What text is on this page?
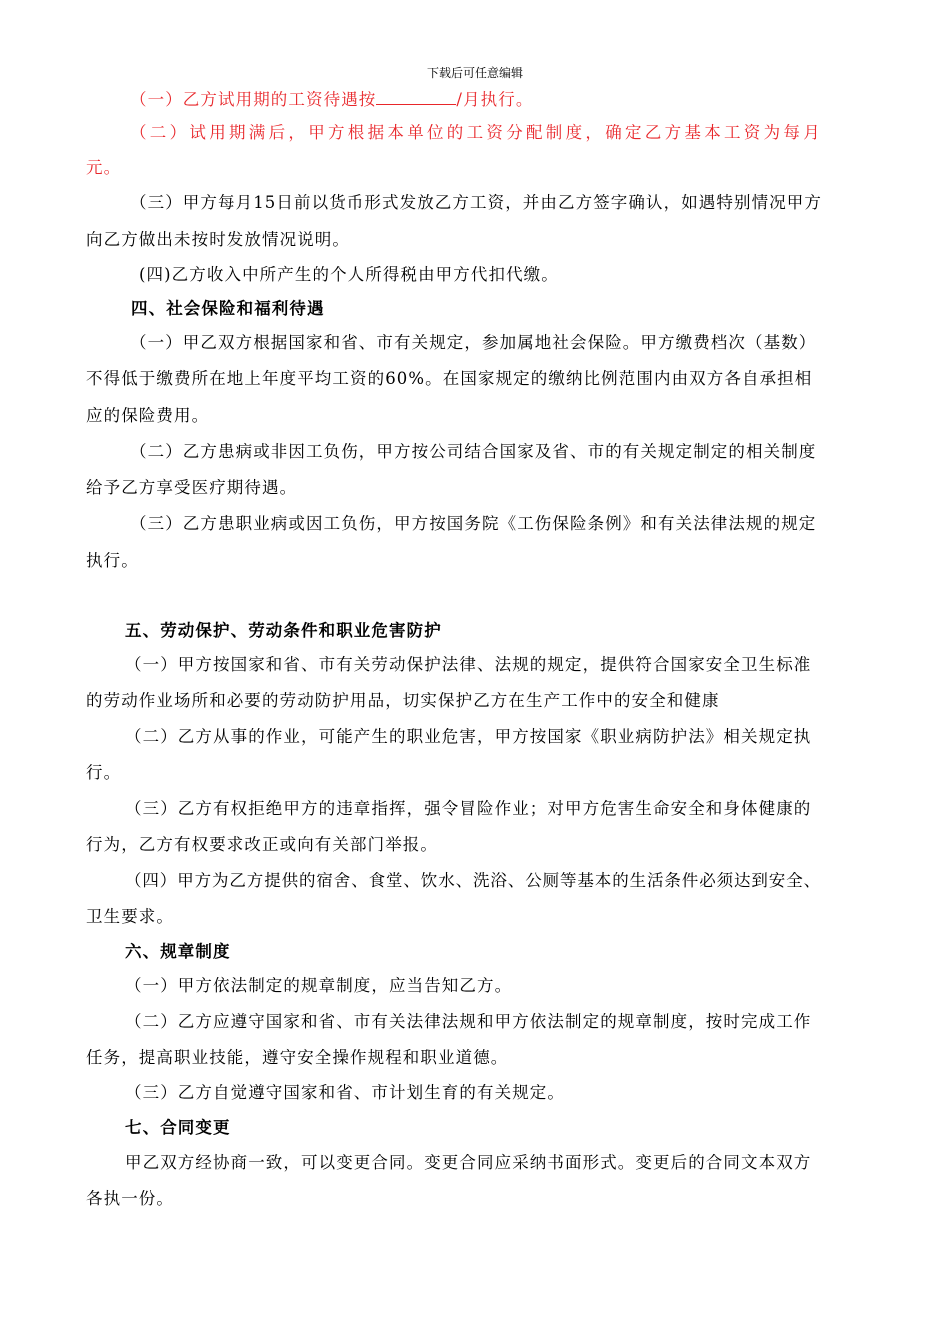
下载后可任意编辑
（一）乙方试用期的工资待遇按	/月执行。
（二）试用期满后，甲方根据本单位的工资分配制度，确定乙方基本工资为每月
元。
（三）甲方每月15日前以货币形式发放乙方工资，并由乙方签字确认，如遇特别情况甲方
向乙方做出未按时发放情况说明。
(四)乙方收入中所产生的个人所得税由甲方代扣代缴。
四、社会保险和福利待遇
（一）甲乙双方根据国家和省、市有关规定，参加属地社会保险。甲方缴费档次（基数）
不得低于缴费所在地上年度平均工资的60%。在国家规定的缴纳比例范围内由双方各自承担相
应的保险费用。
（二）乙方患病或非因工负伤，甲方按公司结合国家及省、市的有关规定制定的相关制度
给予乙方享受医疗期待遇。
（三）乙方患职业病或因工负伤，甲方按国务院《工伤保险条例》和有关法律法规的规定
执行。
五、劳动保护、劳动条件和职业危害防护
（一）甲方按国家和省、市有关劳动保护法律、法规的规定，提供符合国家安全卫生标准
的劳动作业场所和必要的劳动防护用品，切实保护乙方在生产工作中的安全和健康
（二）乙方从事的作业，可能产生的职业危害，甲方按国家《职业病防护法》相关规定执
行。
（三）乙方有权拒绝甲方的违章指挥，强令冒险作业；对甲方危害生命安全和身体健康的
行为，乙方有权要求改正或向有关部门举报。
（四）甲方为乙方提供的宿舍、食堂、饮水、洗浴、公厕等基本的生活条件必须达到安全、
卫生要求。
六、规章制度
（一）甲方依法制定的规章制度，应当告知乙方。
（二）乙方应遵守国家和省、市有关法律法规和甲方依法制定的规章制度，按时完成工作
任务，提高职业技能，遵守安全操作规程和职业道德。
（三）乙方自觉遵守国家和省、市计划生育的有关规定。
七、合同变更
甲乙双方经协商一致，可以变更合同。变更合同应采纳书面形式。变更后的合同文本双方
各执一份。
